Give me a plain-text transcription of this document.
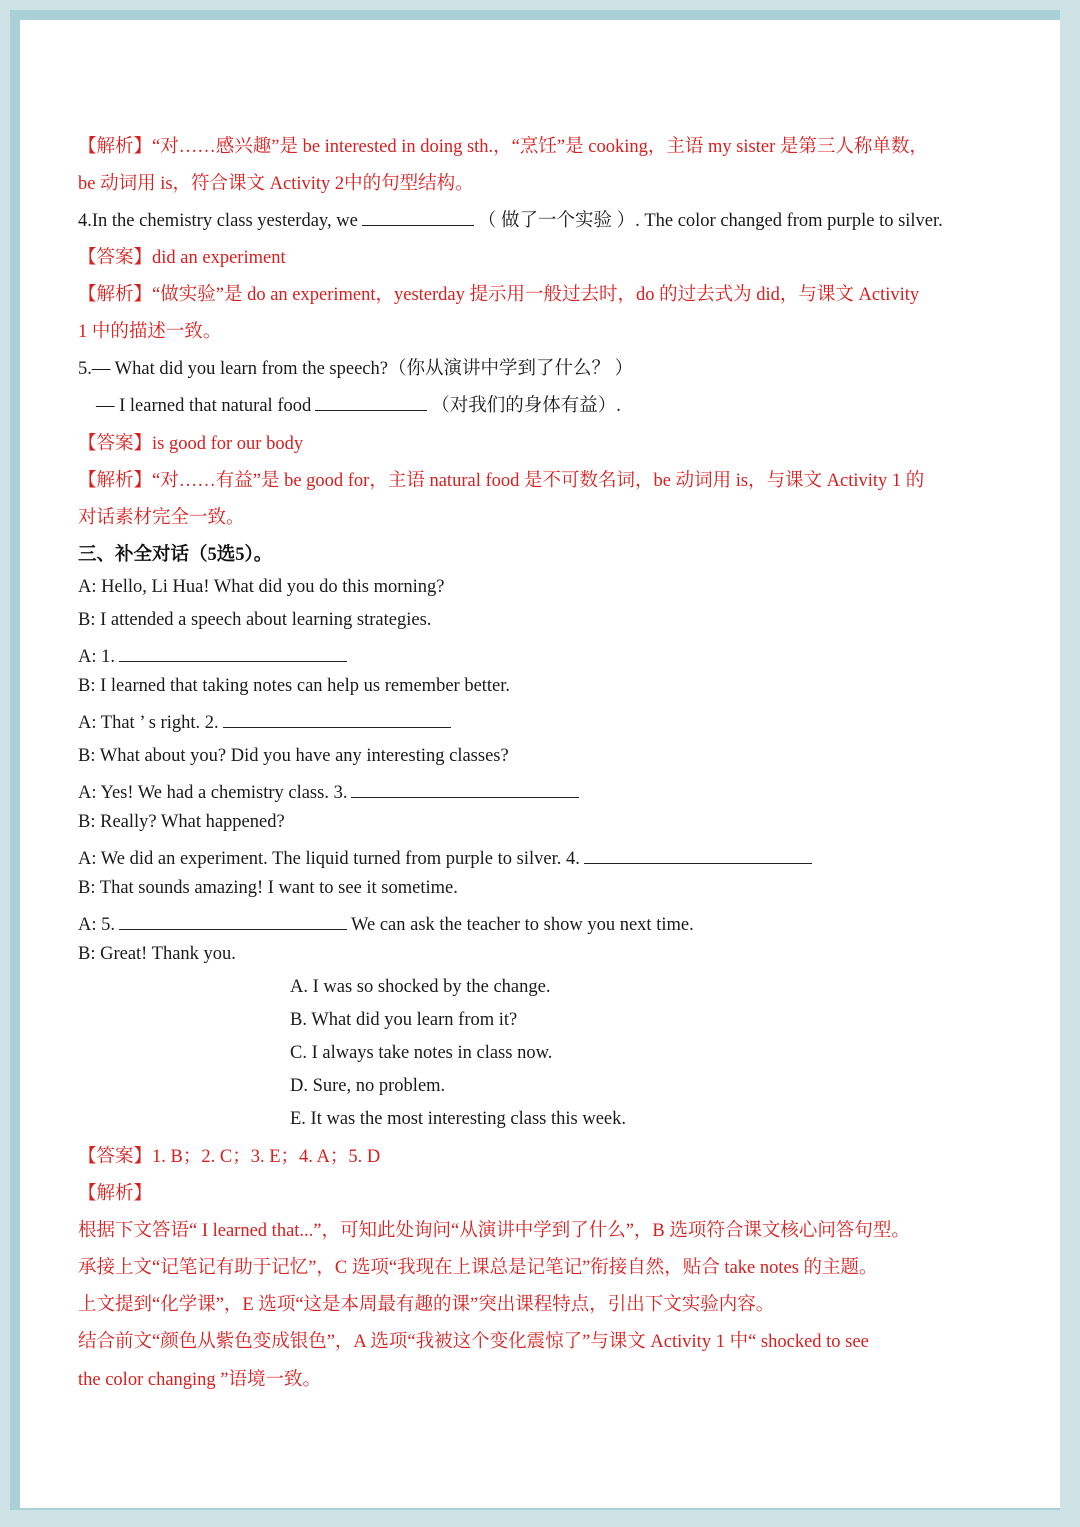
【解析】“对……感兴趣”是 be interested in doing sth.，“烹饪”是 cooking，主语 my sister 是第三人称单数，
be 动词用 is，符合课文 Activity 2中的句型结构。
4.In the chemistry class yesterday, we	（ 做了一个实验 ）. The color changed from purple to silver.
【答案】did an experiment
【解析】“做实验”是 do an experiment，yesterday 提示用一般过去时，do 的过去式为 did，与课文 Activity
1 中的描述一致。
5.— What did you learn from the speech?（你从演讲中学到了什么？ ）
— I learned that natural food	（对我们的身体有益）.
【答案】is good for our body
【解析】“对……有益”是 be good for，主语 natural food 是不可数名词，be 动词用 is，与课文 Activity 1 的
对话素材完全一致。
三、补全对话（5选5）。
A: Hello, Li Hua! What did you do this morning?
B: I attended a speech about learning strategies.
A: 1.
B: I learned that taking notes can help us remember better.
A: That ’ s right. 2.
B: What about you? Did you have any interesting classes?
A: Yes! We had a chemistry class. 3.
B: Really? What happened?
A: We did an experiment. The liquid turned from purple to silver. 4.
B: That sounds amazing! I want to see it sometime.
A: 5.	We can ask the teacher to show you next time.
B: Great! Thank you.
A. I was so shocked by the change.
B. What did you learn from it?
C. I always take notes in class now.
D. Sure, no problem.
E. It was the most interesting class this week.
【答案】1. B；2. C；3. E；4. A；5. D
【解析】
根据下文答语“ I learned that...”，可知此处询问“从演讲中学到了什么”，B 选项符合课文核心问答句型。
承接上文“记笔记有助于记忆”，C 选项“我现在上课总是记笔记”衔接自然，贴合 take notes 的主题。
上文提到“化学课”，E 选项“这是本周最有趣的课”突出课程特点，引出下文实验内容。
结合前文“颜色从紫色变成银色”，A 选项“我被这个变化震惊了”与课文 Activity 1 中“ shocked to see
the color changing ”语境一致。
